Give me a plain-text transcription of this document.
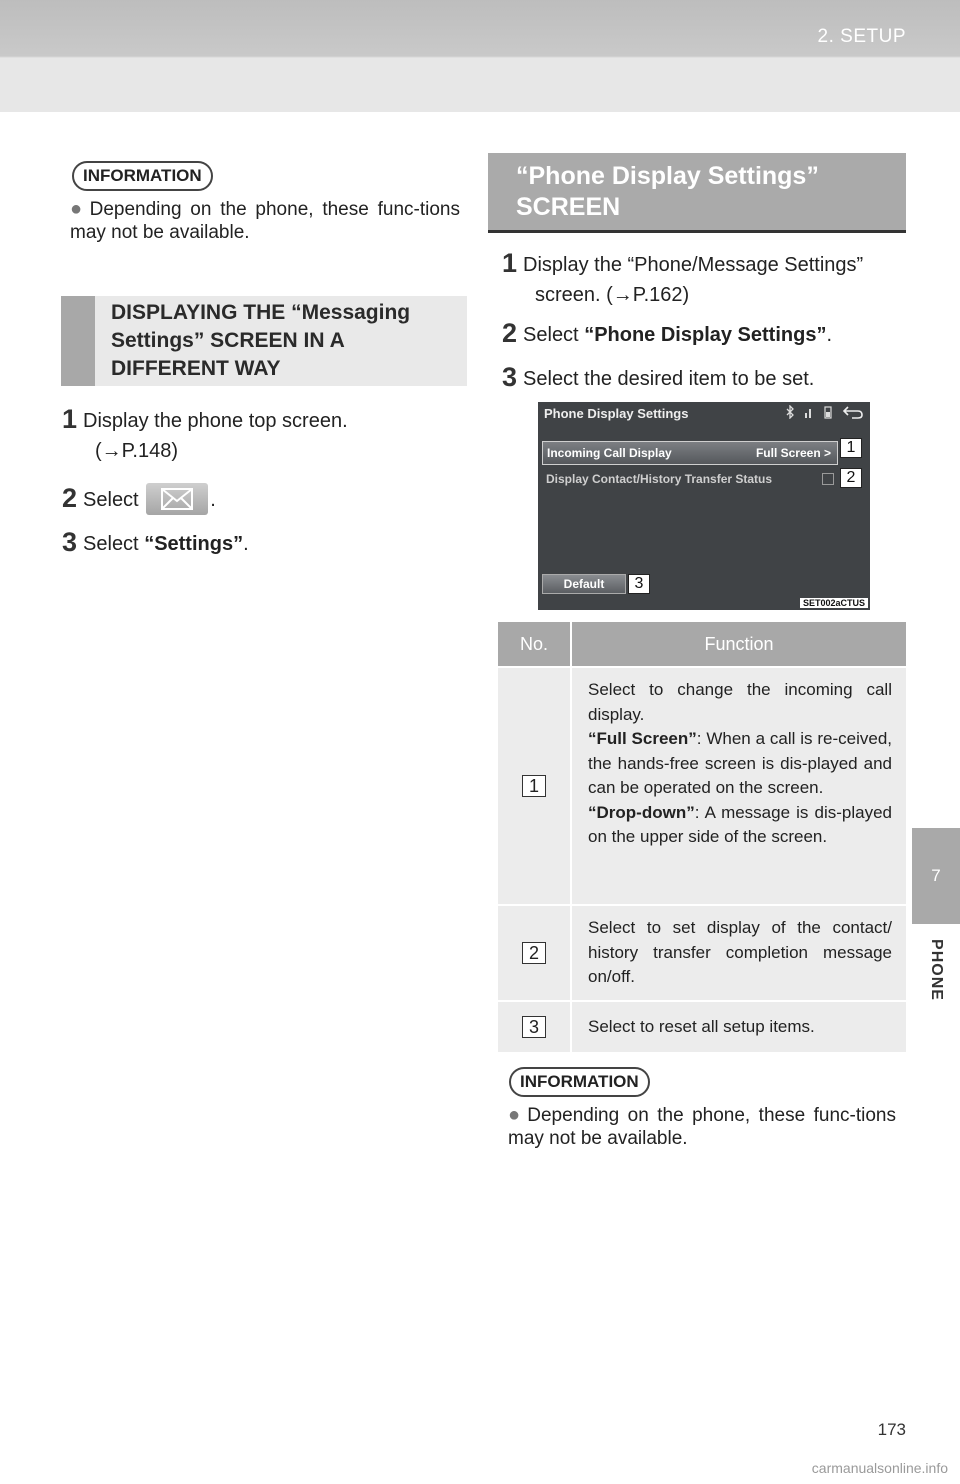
2. SETUP
7
PHONE
INFORMATION
● Depending on the phone, these func-tions may not be available.
DISPLAYING THE “Messaging Settings” SCREEN IN A DIFFERENT WAY
1 Display the phone top screen.
(→P.148)
2 Select	.
3 Select “Settings”.
“Phone Display Settings” SCREEN
1 Display the “Phone/Message Settings”
screen. (→P.162)
2 Select “Phone Display Settings”.
3 Select the desired item to be set.
Phone Display Settings
Incoming Call Display	Full Screen > 1
Display Contact/History Transfer Status	2
Default	3
SET002aCTUS
No.	Function
1	Select to change the incoming call display.
“Full Screen”: When a call is re-ceived, the hands-free screen is dis-played and can be operated on the screen.
“Drop-down”: A message is dis-played on the upper side of the screen.

2	Select to set display of the contact/ history transfer completion message on/off.
3	Select to reset all setup items.
INFORMATION
● Depending on the phone, these func-tions may not be available.
173
carmanualsonline.info
